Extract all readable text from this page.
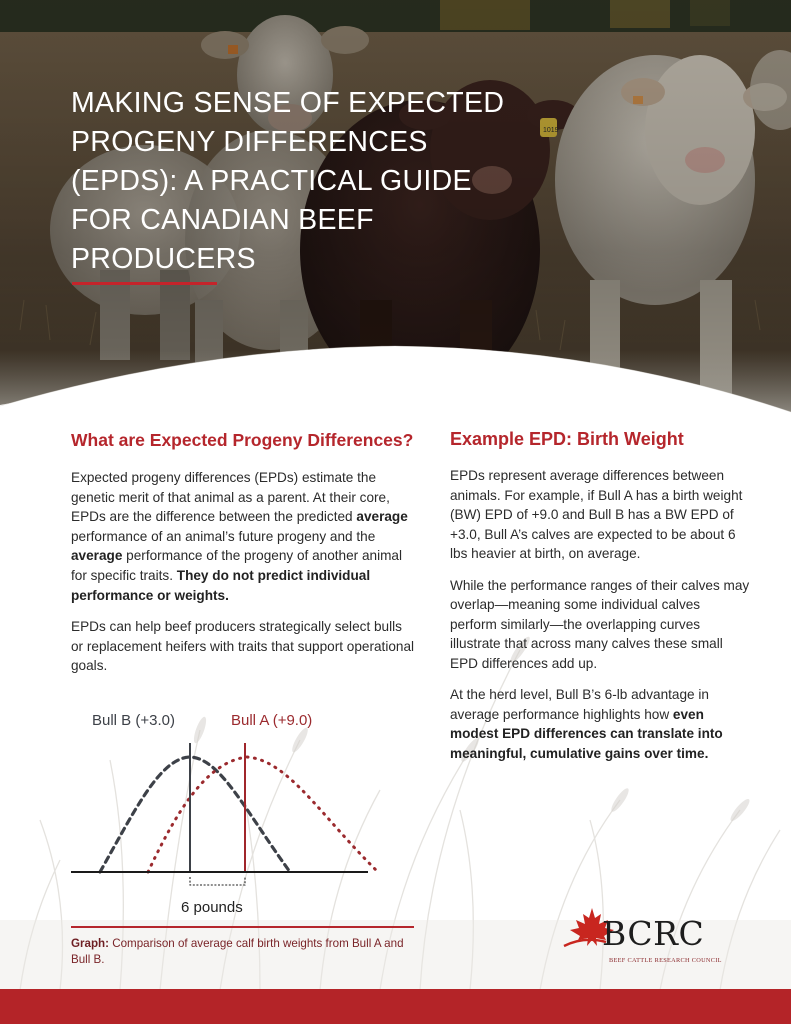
MAKING SENSE OF EXPECTED PROGENY DIFFERENCES (EPDS): A PRACTICAL GUIDE FOR CANADIAN BEEF PRODUCERS
What are Expected Progeny Differences?

Expected progeny differences (EPDs) estimate the genetic merit of that animal as a parent. At their core, EPDs are the difference between the predicted average performance of an animal’s future progeny and the average performance of the progeny of another animal for specific traits. They do not predict individual performance or weights.

EPDs can help beef producers strategically select bulls or replacement heifers with traits that support operational goals.

Bull B (+3.0)	Bull A (+9.0)
6 pounds

Graph: Comparison of average calf birth weights from Bull A and Bull B.

Example EPD: Birth Weight

EPDs represent average differences between animals. For example, if Bull A has a birth weight (BW) EPD of +9.0 and Bull B has a BW EPD of +3.0, Bull A’s calves are expected to be about 6 lbs heavier at birth, on average.

While the performance ranges of their calves may overlap—meaning some individual calves perform similarly—the overlapping curves illustrate that across many calves these small EPD differences add up.

At the herd level, Bull B’s 6-lb advantage in average performance highlights how even modest EPD differences can translate into meaningful, cumulative gains over time.

BCRC
BEEF CATTLE RESEARCH COUNCIL
